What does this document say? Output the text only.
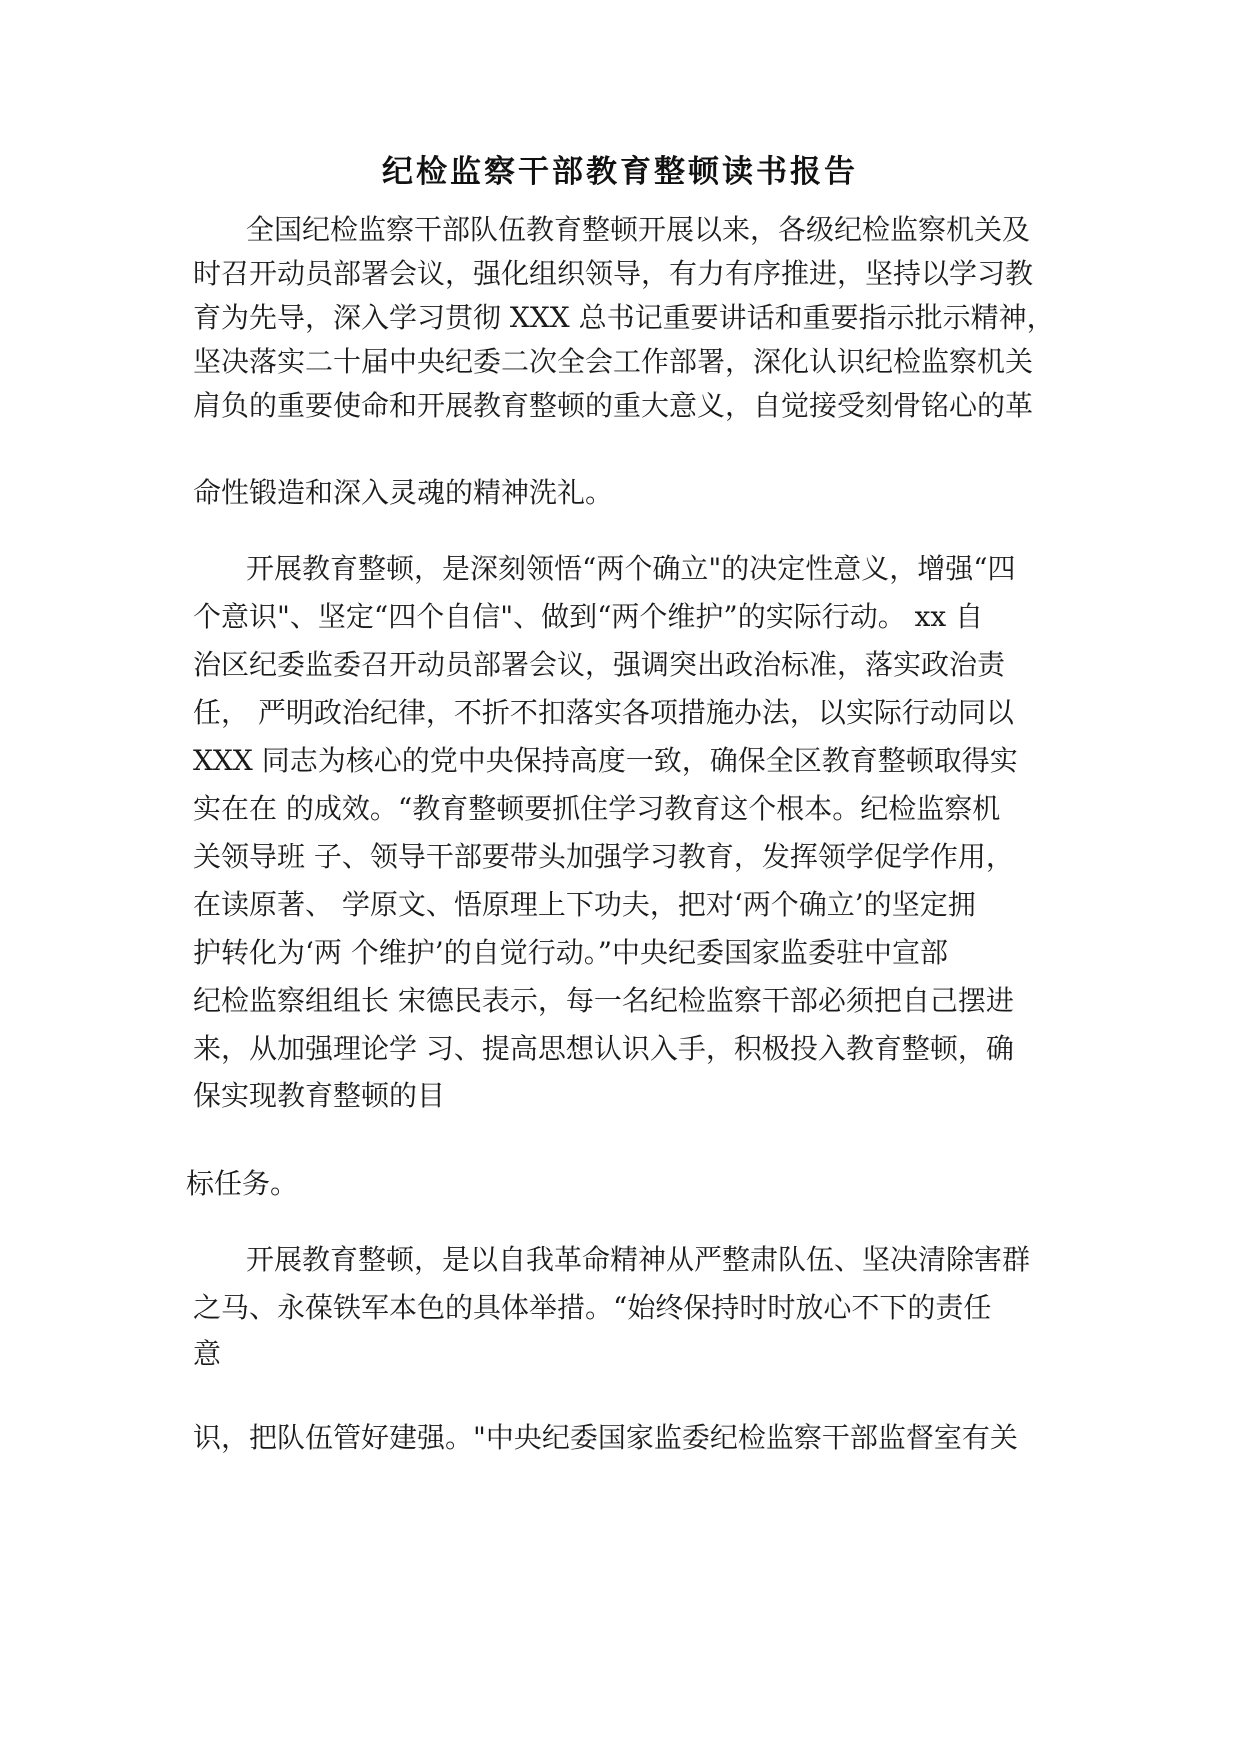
纪检监察干部教育整顿读书报告
全国纪检监察干部队伍教育整顿开展以来，各级纪检监察机关及
时召开动员部署会议，强化组织领导，有力有序推进，坚持以学习教
育为先导，深入学习贯彻 XXX 总书记重要讲话和重要指示批示精神，
坚决落实二十届中央纪委二次全会工作部署，深化认识纪检监察机关
肩负的重要使命和开展教育整顿的重大意义，自觉接受刻骨铭心的革
命性锻造和深入灵魂的精神洗礼。
开展教育整顿，是深刻领悟“两个确立"的决定性意义，增强“四
个意识"、坚定“四个自信"、做到“两个维护”的实际行动。 xx 自
治区纪委监委召开动员部署会议，强调突出政治标准，落实政治责
任， 严明政治纪律，不折不扣落实各项措施办法，以实际行动同以
XXX 同志为核心的党中央保持高度一致，确保全区教育整顿取得实
实在在 的成效。“教育整顿要抓住学习教育这个根本。纪检监察机
关领导班 子、领导干部要带头加强学习教育，发挥领学促学作用，
在读原著、 学原文、悟原理上下功夫，把对‘两个确立’的坚定拥
护转化为‘两 个维护’的自觉行动。”中央纪委国家监委驻中宣部
纪检监察组组长 宋德民表示，每一名纪检监察干部必须把自己摆进
来，从加强理论学 习、提高思想认识入手，积极投入教育整顿，确
保实现教育整顿的目
标任务。
开展教育整顿，是以自我革命精神从严整肃队伍、坚决清除害群
之马、永葆铁军本色的具体举措。“始终保持时时放心不下的责任
意
识，把队伍管好建强。"中央纪委国家监委纪检监察干部监督室有关
